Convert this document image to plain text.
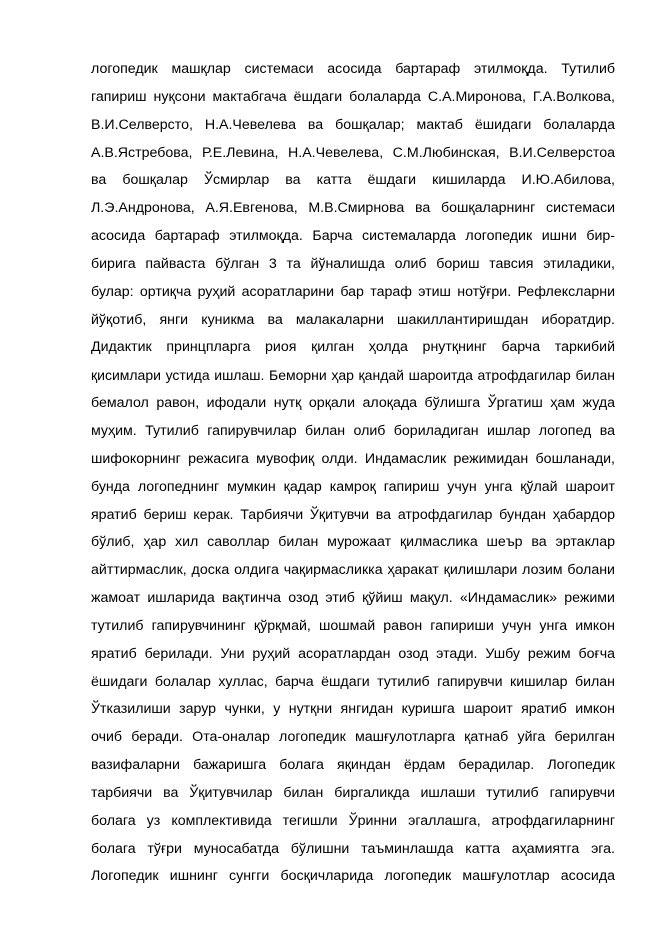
логопедик машқлар системаси асосида бартараф этилмоқда. Тутилиб
гапириш нуқсони мактабгача ёшдаги болаларда С.А.Миронова, Г.А.Волкова,
В.И.Селверсто, Н.А.Чевелева ва бошқалар; мактаб ёшидаги болаларда
А.В.Ястребова, Р.Е.Левина, Н.А.Чевелева, С.М.Любинская, В.И.Селверстоа
ва бошқалар Ўсмирлар ва катта ёшдаги кишиларда И.Ю.Абилова,
Л.Э.Андронова, А.Я.Евгенова, М.В.Смирнова ва бошқаларнинг системаси
асосида бартараф этилмоқда. Барча системаларда логопедик ишни бир-
бирига пайваста бўлган 3 та йўналишда олиб бориш тавсия этиладики,
булар: ортиқча руҳий асоратларини бар тараф этиш нотўғри. Рефлексларни
йўқотиб, янги куникма ва малакаларни шакиллантиришдан иборатдир.
Дидактик принцпларга риоя қилган ҳолда рнутқнинг барча таркибий
қисимлари устида ишлаш. Беморни ҳар қандай шароитда атрофдагилар билан
бемалол равон, ифодали нутқ орқали алоқада бўлишга Ўргатиш ҳам жуда
муҳим. Тутилиб гапирувчилар билан олиб бориладиган ишлар логопед ва
шифокорнинг режасига мувофиқ олди. Индамаслик режимидан бошланади,
бунда логопеднинг мумкин қадар камроқ гапириш учун унга қўлай шароит
яратиб бериш керак. Тарбиячи Ўқитувчи ва атрофдагилар бундан ҳабардор
бўлиб, ҳар хил саволлар билан мурожаат қилмаслика шеър ва эртаклар
айттирмаслик, доска олдига чақирмасликка ҳаракат қилишлари лозим болани
жамоат ишларида вақтинча озод этиб қўйиш мақул. «Индамаслик» режими
тутилиб гапирувчининг қўрқмай, шошмай равон гапириши учун унга имкон
яратиб берилади. Уни руҳий асоратлардан озод этади. Ушбу режим боғча
ёшидаги болалар хуллас, барча ёшдаги тутилиб гапирувчи кишилар билан
Ўтказилиши зарур чунки, у нутқни янгидан куришга шароит яратиб имкон
очиб беради. Ота-оналар логопедик машғулотларга қатнаб уйга берилган
вазифаларни бажаришга болага яқиндан ёрдам берадилар. Логопедик
тарбиячи ва Ўқитувчилар билан биргаликда ишлаши тутилиб гапирувчи
болага уз комплективида тегишли Ўринни эгаллашга, атрофдагиларнинг
болага тўғри муносабатда бўлишни таъминлашда катта аҳамиятга эга.
Логопедик ишнинг сунгги босқичларида логопедик машғулотлар асосида
